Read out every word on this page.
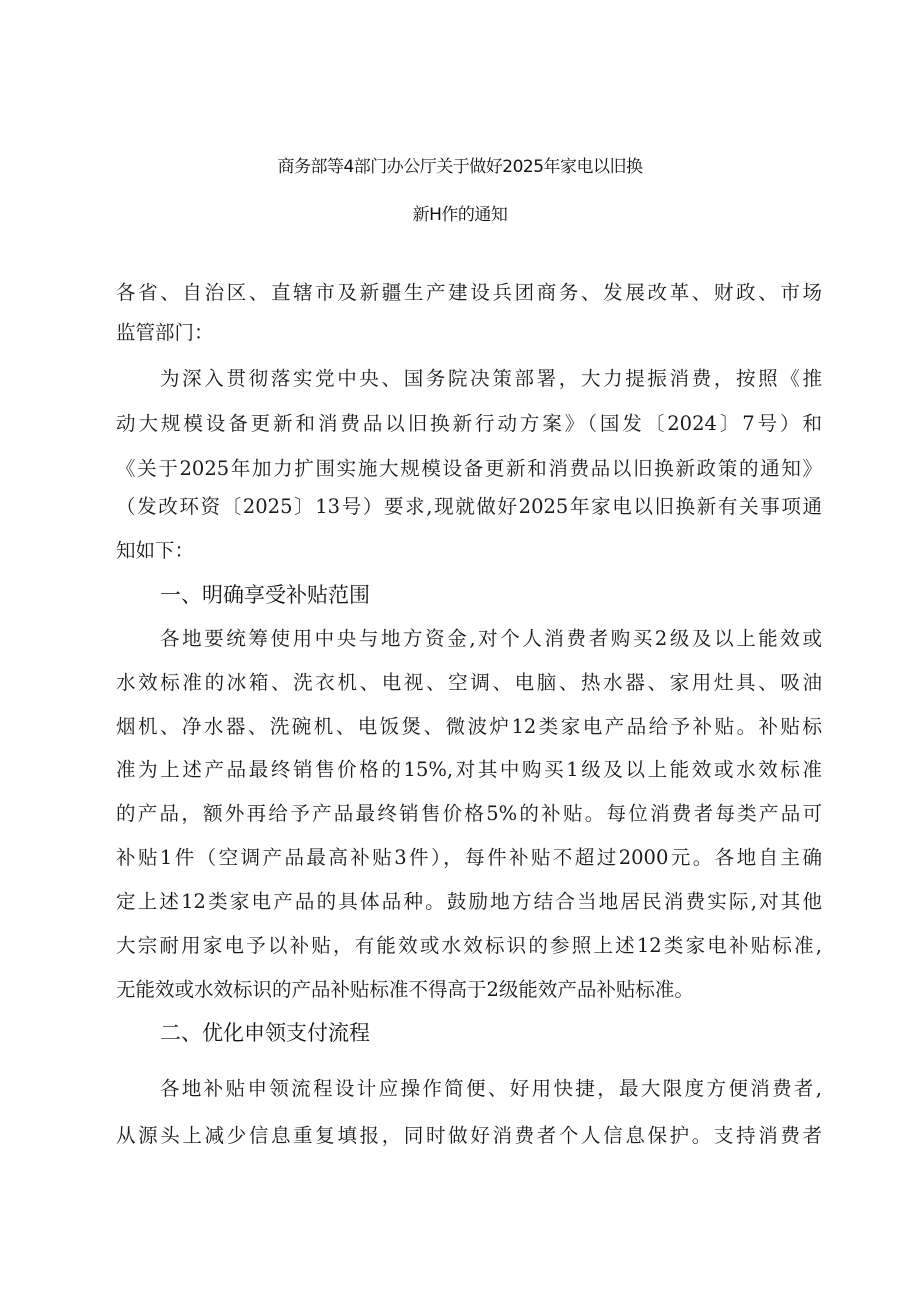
商务部等4部门办公厅关于做好2025年家电以旧换
新H作的通知
各省、自治区、直辖市及新疆生产建设兵团商务、发展改革、财政、市场
监管部门：
为深入贯彻落实党中央、国务院决策部署，大力提振消费，按照《推
动大规模设备更新和消费品以旧换新行动方案》（国发〔2024〕7号）和
《关于2025年加力扩围实施大规模设备更新和消费品以旧换新政策的通知》
（发改环资〔2025〕13号）要求,现就做好2025年家电以旧换新有关事项通
知如下：
一、明确享受补贴范围
各地要统筹使用中央与地方资金,对个人消费者购买2级及以上能效或
水效标准的冰箱、洗衣机、电视、空调、电脑、热水器、家用灶具、吸油
烟机、净水器、洗碗机、电饭煲、微波炉12类家电产品给予补贴。补贴标
准为上述产品最终销售价格的15%,对其中购买1级及以上能效或水效标准
的产品，额外再给予产品最终销售价格5%的补贴。每位消费者每类产品可
补贴1件（空调产品最高补贴3件），每件补贴不超过2000元。各地自主确
定上述12类家电产品的具体品种。鼓励地方结合当地居民消费实际,对其他
大宗耐用家电予以补贴，有能效或水效标识的参照上述12类家电补贴标准,
无能效或水效标识的产品补贴标准不得高于2级能效产品补贴标准。
二、优化申领支付流程
各地补贴申领流程设计应操作简便、好用快捷，最大限度方便消费者,
从源头上减少信息重复填报，同时做好消费者个人信息保护。支持消费者
